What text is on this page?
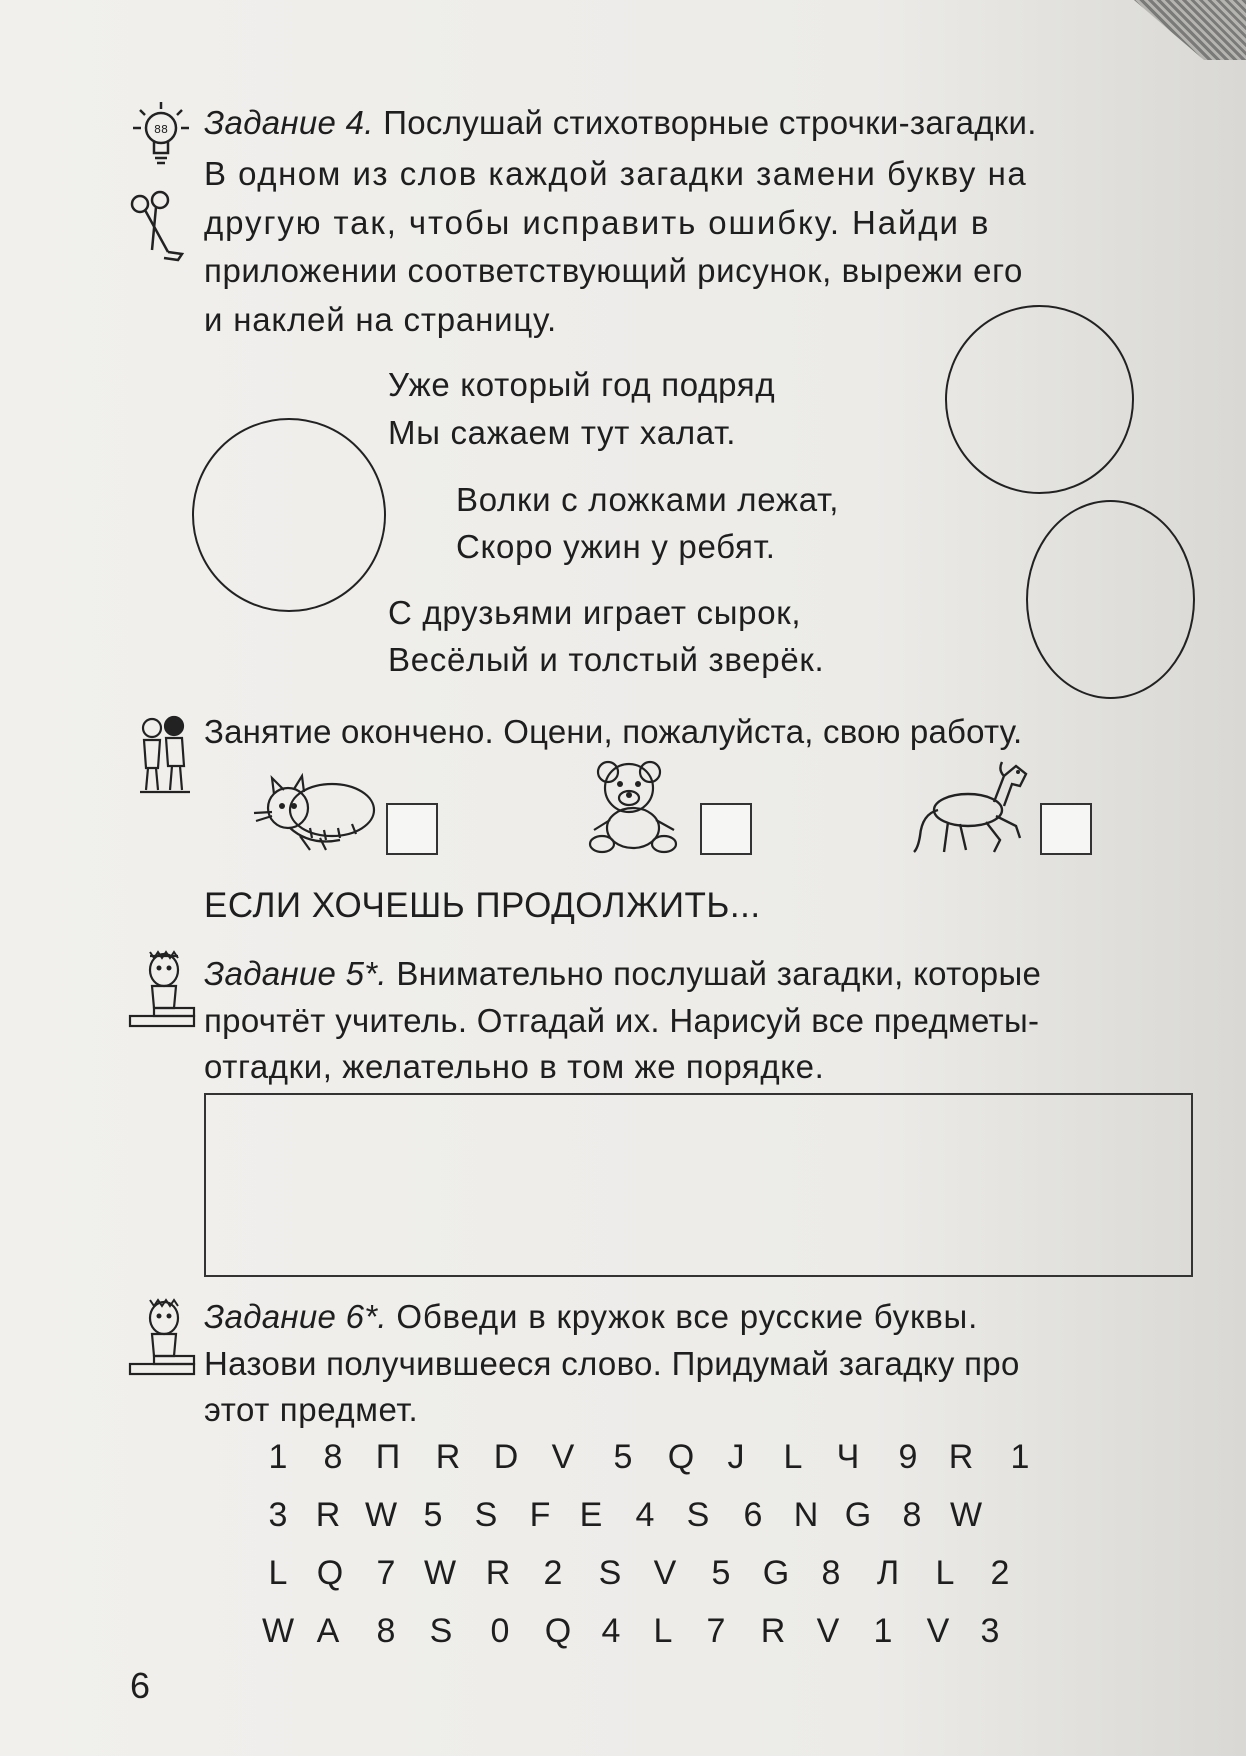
88 Задание 4. Послушай стихотворные строчки-загадки.
В одном из слов каждой загадки замени букву на
другую так, чтобы исправить ошибку. Найди в
приложении соответствующий рисунок, вырежи его
и наклей на страницу.
Уже который год подряд
Мы сажаем тут халат.
Волки с ложками лежат,
Скоро ужин у ребят.
С друзьями играет сырок,
Весёлый и толстый зверёк.
Занятие окончено. Оцени, пожалуйста, свою работу.
ЕСЛИ ХОЧЕШЬ ПРОДОЛЖИТЬ...
Задание 5*. Внимательно послушай загадки, которые
прочтёт учитель. Отгадай их. Нарисуй все предметы-
отгадки, желательно в том же порядке.
Задание 6*. Обведи в кружок все русские буквы.
Назови получившееся слово. Придумай загадку про
этот предмет.
1	8 П R D V	5	Q J	L	Ч	9 R	1
3 R W 5 S F E 4 S	6 N G 8 W
L Q 7 W R 2	S V	5 G 8	Л	L	2
W A	8	S	0	Q 4 L	7	R V	1	V 3
6
